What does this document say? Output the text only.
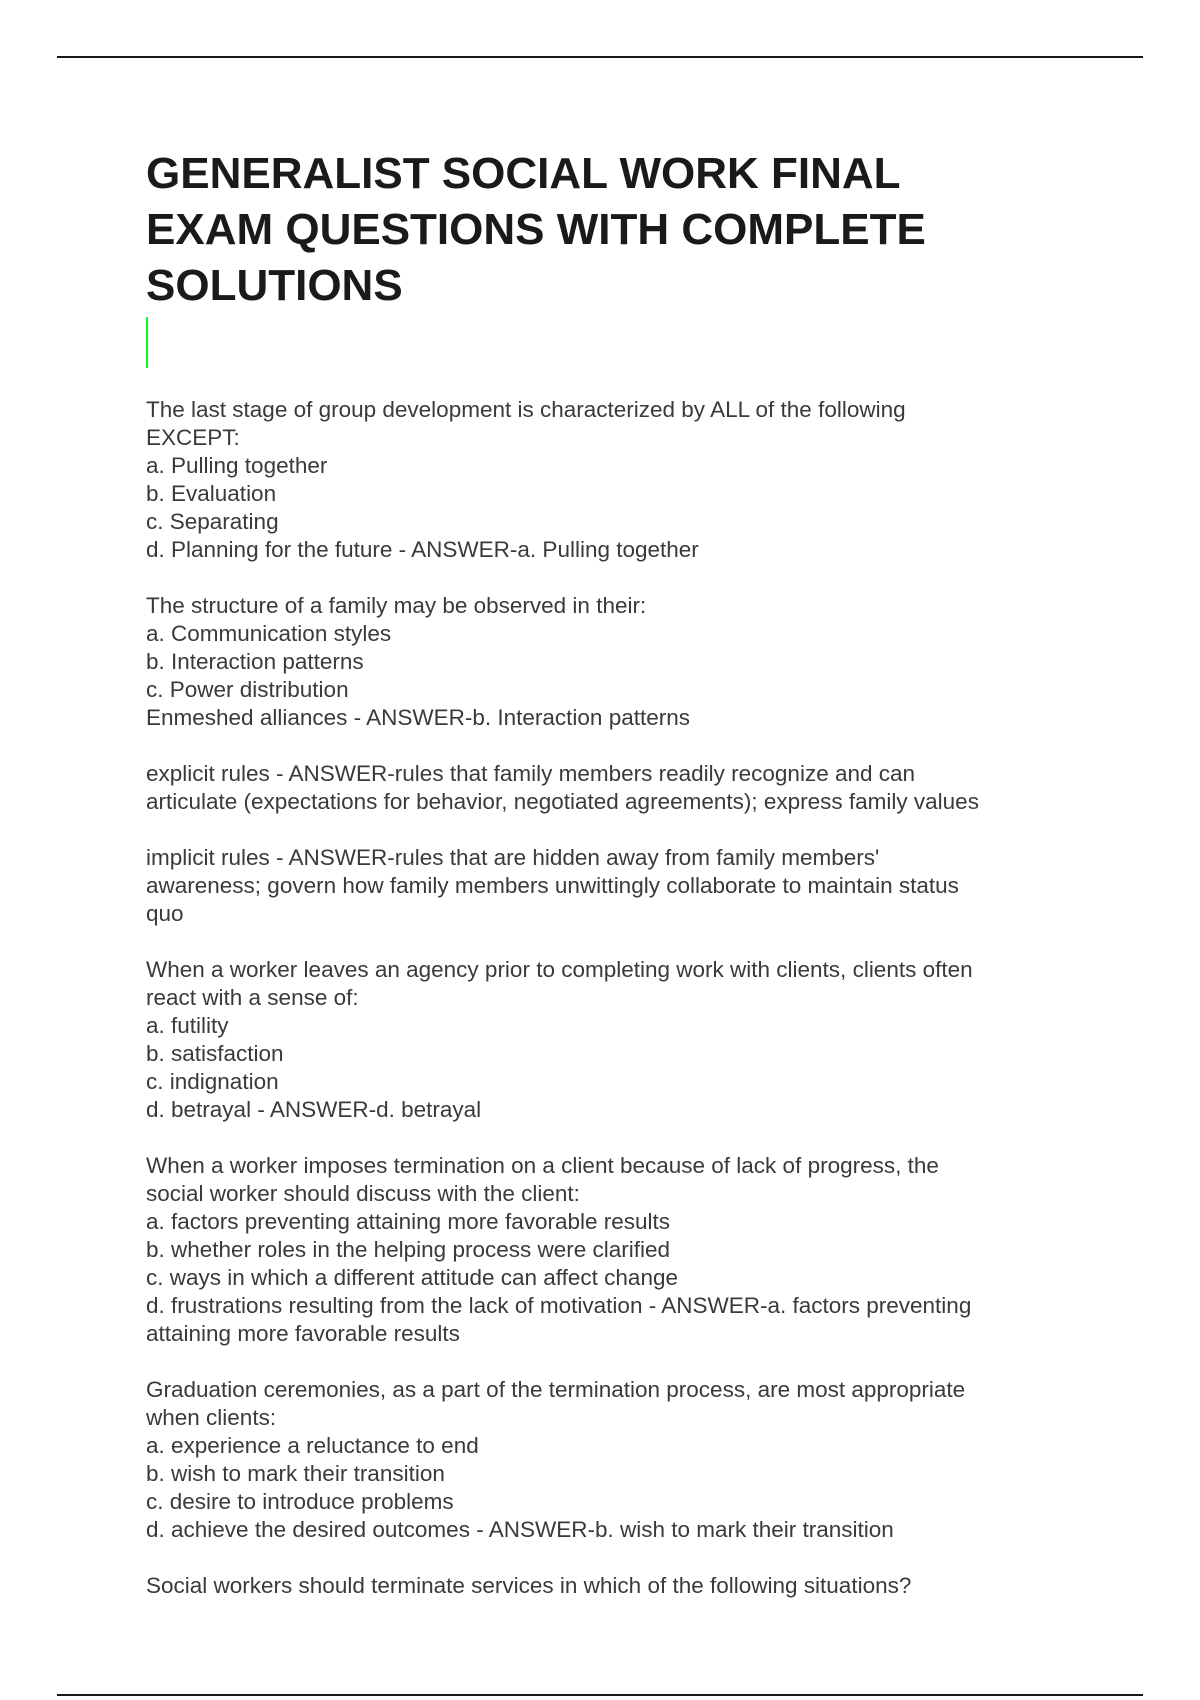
GENERALIST SOCIAL WORK FINAL
EXAM QUESTIONS WITH COMPLETE
SOLUTIONS
The last stage of group development is characterized by ALL of the following
EXCEPT:
a. Pulling together
b. Evaluation
c. Separating
d. Planning for the future - ANSWER-a. Pulling together
The structure of a family may be observed in their:
a. Communication styles
b. Interaction patterns
c. Power distribution
Enmeshed alliances - ANSWER-b. Interaction patterns
explicit rules - ANSWER-rules that family members readily recognize and can
articulate (expectations for behavior, negotiated agreements); express family values
implicit rules - ANSWER-rules that are hidden away from family members'
awareness; govern how family members unwittingly collaborate to maintain status
quo
When a worker leaves an agency prior to completing work with clients, clients often
react with a sense of:
a. futility
b. satisfaction
c. indignation
d. betrayal - ANSWER-d. betrayal
When a worker imposes termination on a client because of lack of progress, the
social worker should discuss with the client:
a. factors preventing attaining more favorable results
b. whether roles in the helping process were clarified
c. ways in which a different attitude can affect change
d. frustrations resulting from the lack of motivation - ANSWER-a. factors preventing
attaining more favorable results
Graduation ceremonies, as a part of the termination process, are most appropriate
when clients:
a. experience a reluctance to end
b. wish to mark their transition
c. desire to introduce problems
d. achieve the desired outcomes - ANSWER-b. wish to mark their transition
Social workers should terminate services in which of the following situations?
